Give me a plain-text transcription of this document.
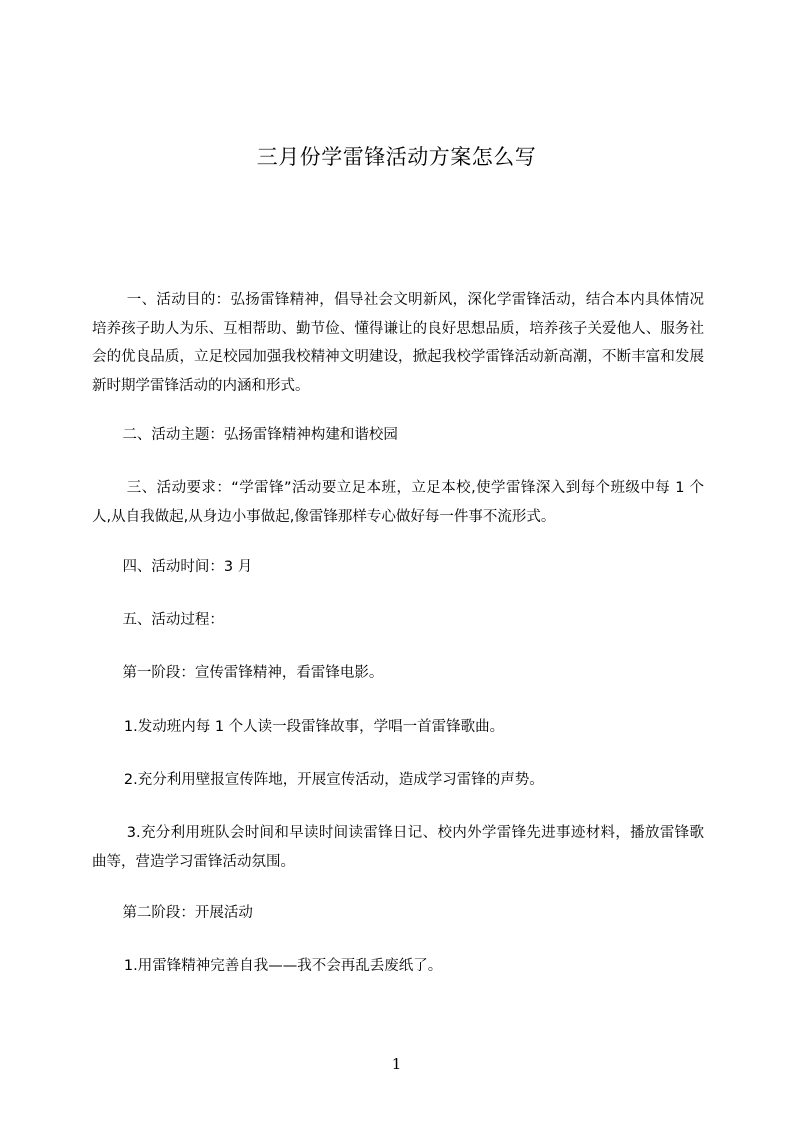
三月份学雷锋活动方案怎么写
一、活动目的：弘扬雷锋精神，倡导社会文明新风，深化学雷锋活动，结合本内具体情况培养孩子助人为乐、互相帮助、勤节俭、懂得谦让的良好思想品质，培养孩子关爱他人、服务社会的优良品质，立足校园加强我校精神文明建设，掀起我校学雷锋活动新高潮，不断丰富和发展新时期学雷锋活动的内涵和形式。
二、活动主题：弘扬雷锋精神构建和谐校园
三、活动要求：“学雷锋”活动要立足本班，立足本校,使学雷锋深入到每个班级中每 1 个人,从自我做起,从身边小事做起,像雷锋那样专心做好每一件事不流形式。
四、活动时间：3 月
五、活动过程：
第一阶段：宣传雷锋精神，看雷锋电影。
1.发动班内每 1 个人读一段雷锋故事，学唱一首雷锋歌曲。
2.充分利用壁报宣传阵地，开展宣传活动，造成学习雷锋的声势。
3.充分利用班队会时间和早读时间读雷锋日记、校内外学雷锋先进事迹材料，播放雷锋歌曲等，营造学习雷锋活动氛围。
第二阶段：开展活动
1.用雷锋精神完善自我——我不会再乱丢废纸了。
1
